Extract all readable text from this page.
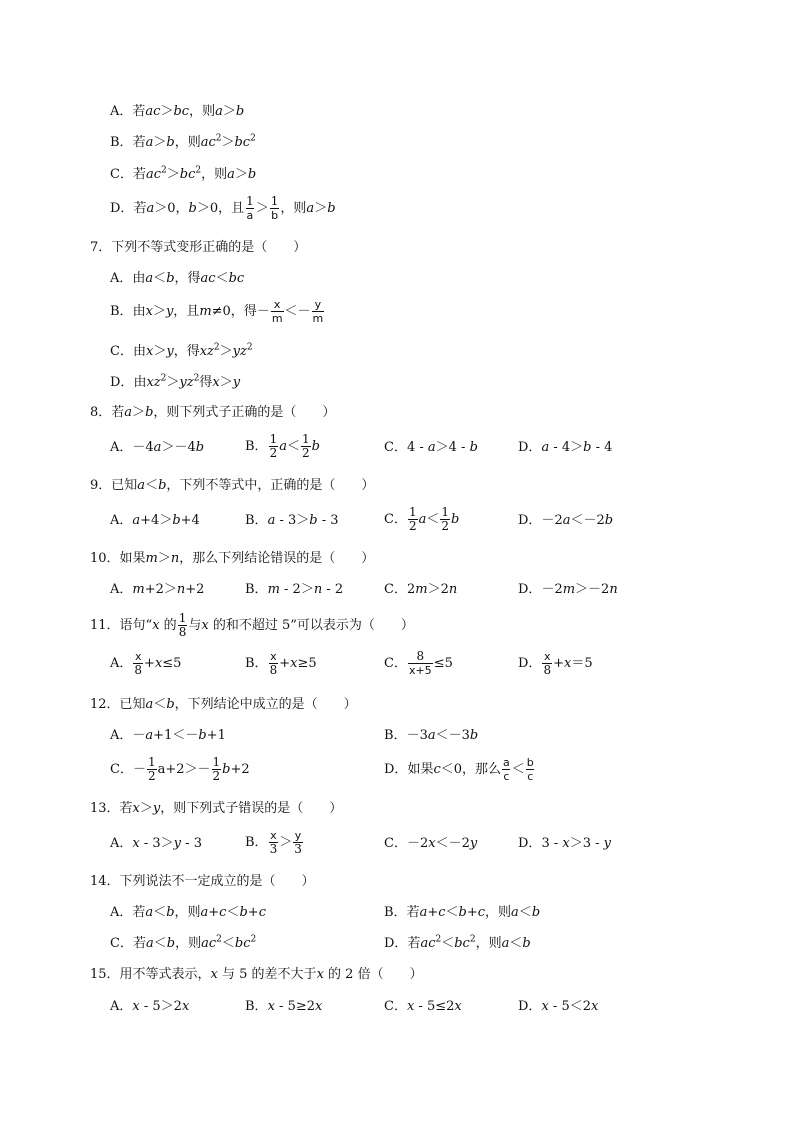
A．若ac＞bc，则a＞b
B．若a＞b，则$ac^2>bc^2$
C．若$ac^2>bc^2$，则a＞b
D．若a＞0，b＞0，且 $\frac{1}{a} > \frac{1}{b}$ ，则a＞b
7．下列不等式变形正确的是（　　）
A．由a＜b，得ac＜bc
B．由x＞y，且m≠0，得－ $\frac{x}{m} <- \frac{y}{m}$
C．由x＞y，得$xz^2>yz^2$
D．由$xz^2>yz^2$得x＞y
8．若a＞b，则下列式子正确的是（　　）
A．－4a＞－4b	B． $\frac{1}{2} a< \frac{1}{2}$ b	C．4 - a＞4 - b	D．a - 4＞b - 4
9．已知a＜b，下列不等式中，正确的是（　　）
A．a+4＞b+4	B．a - 3＞b - 3	C． $\frac{1}{2} a< \frac{1}{2}$ b	D．－2a＜－2b
10．如果m＞n，那么下列结论错误的是（　　）
A．m+2＞n+2	B．m - 2＞n - 2	C．2m＞2n	D．－2m＞－2n
11．语句“x 的 $\frac{1}{8}$ 与x 的和不超过 5”可以表示为（　　）
A． $\frac{x}{8} +x\le 5$	B． $\frac{x}{8} +x\ge 5$	C． $\frac{8}{x+5} \le 5$	D． $\frac{x}{8} +x=5$
12．已知a＜b，下列结论中成立的是（　　）
A．－a+1＜－b+1	B．－3a＜－3b
C．－ $\frac{1}{2} a+2>- \frac{1}{2} b+2$	D．如果c＜0，那么 $\frac{a}{c} < \frac{b}{c}$
13．若x＞y，则下列式子错误的是（　　）
A．x - 3＞y - 3	B． $\frac{x}{3} > \frac{y}{3}$	C．－2x＜－2y	D．3 - x＞3 - y
14．下列说法不一定成立的是（　　）
A．若a＜b，则a+c＜b+c	B．若a+c＜b+c，则a＜b
C．若a＜b，则$ac^2<bc^2$	D．若$ac^2<bc^2$，则a＜b
15．用不等式表示，x 与 5 的差不大于x 的 2 倍（　　）
A．x - 5＞2x	B．x - 5≥2x	C．x - 5≤2x	D．x - 5＜2x
